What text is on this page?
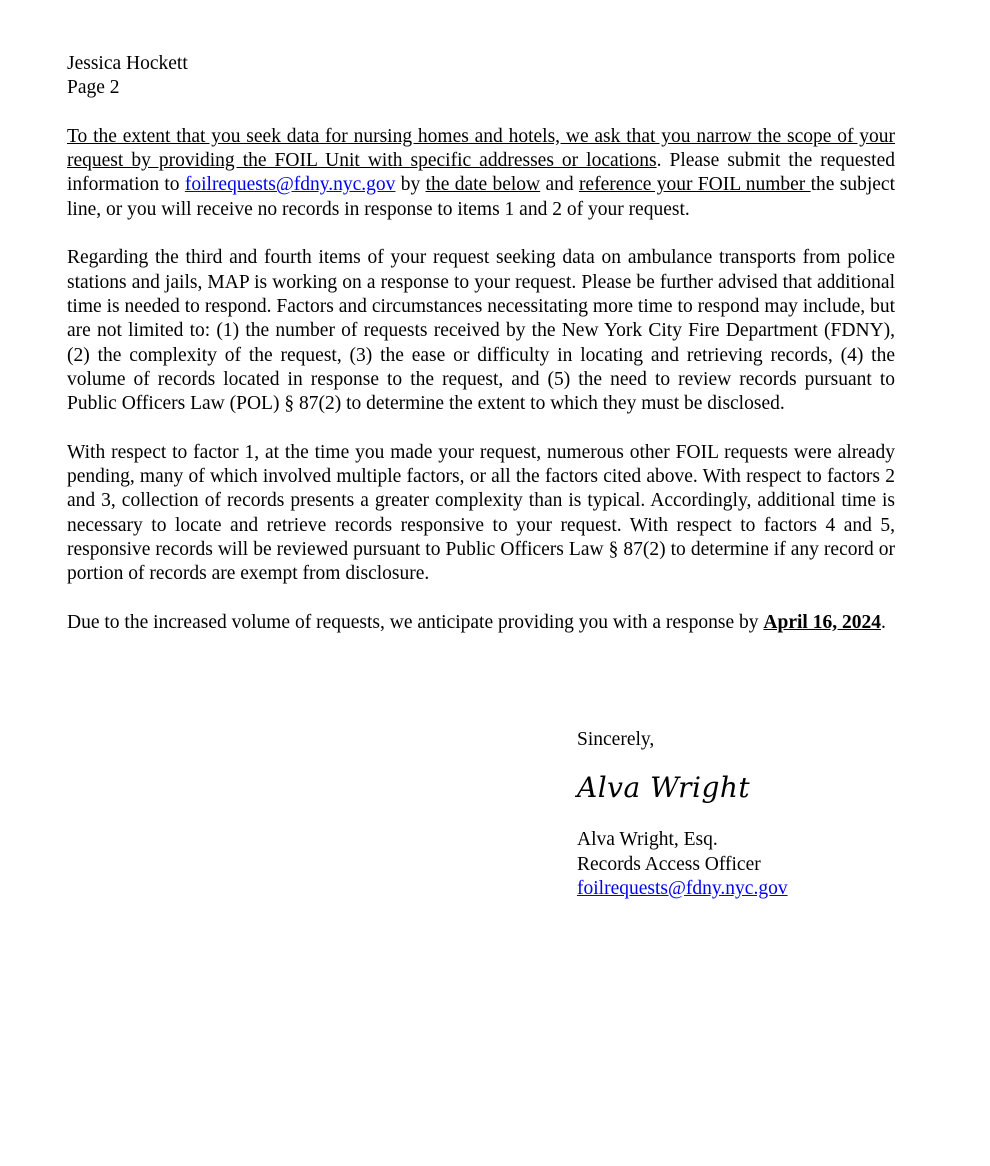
Jessica Hockett
Page 2

To the extent that you seek data for nursing homes and hotels, we ask that you narrow the scope of your request by providing the FOIL Unit with specific addresses or locations. Please submit the requested information to foilrequests@fdny.nyc.gov by the date below and reference your FOIL number the subject line, or you will receive no records in response to items 1 and 2 of your request.

Regarding the third and fourth items of your request seeking data on ambulance transports from police stations and jails, MAP is working on a response to your request. Please be further advised that additional time is needed to respond. Factors and circumstances necessitating more time to respond may include, but are not limited to: (1) the number of requests received by the New York City Fire Department (FDNY), (2) the complexity of the request, (3) the ease or difficulty in locating and retrieving records, (4) the volume of records located in response to the request, and (5) the need to review records pursuant to Public Officers Law (POL) § 87(2) to determine the extent to which they must be disclosed.

With respect to factor 1, at the time you made your request, numerous other FOIL requests were already pending, many of which involved multiple factors, or all the factors cited above. With respect to factors 2 and 3, collection of records presents a greater complexity than is typical. Accordingly, additional time is necessary to locate and retrieve records responsive to your request. With respect to factors 4 and 5, responsive records will be reviewed pursuant to Public Officers Law § 87(2) to determine if any record or portion of records are exempt from disclosure.

Due to the increased volume of requests, we anticipate providing you with a response by April 16, 2024.

Sincerely,
Alva Wright
Alva Wright, Esq.
Records Access Officer
foilrequests@fdny.nyc.gov
